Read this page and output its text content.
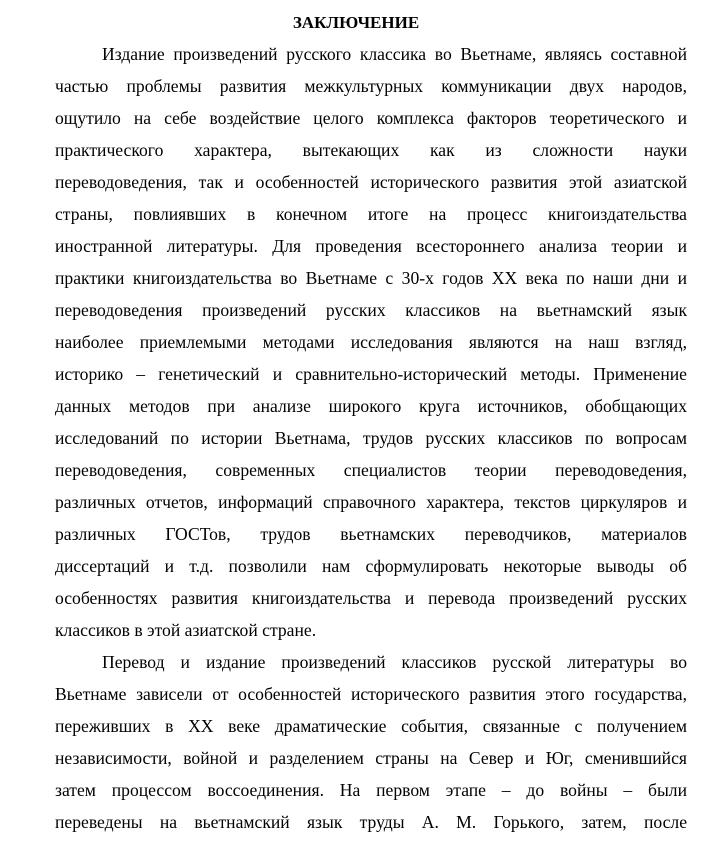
ЗАКЛЮЧЕНИЕ
Издание произведений русского классика во Вьетнаме, являясь составной
частью проблемы развития межкультурных коммуникации двух народов,
ощутило на себе воздействие целого комплекса факторов теоретического и
практического характера, вытекающих как из сложности науки
переводоведения, так и особенностей исторического развития этой азиатской
страны, повлиявших в конечном итоге на процесс книгоиздательства
иностранной литературы. Для проведения всестороннего анализа теории и
практики книгоиздательства во Вьетнаме с 30-х годов XX века по наши дни и
переводоведения произведений русских классиков на вьетнамский язык
наиболее приемлемыми методами исследования являются на наш взгляд,
историко – генетический и сравнительно-исторический методы. Применение
данных методов при анализе широкого круга источников, обобщающих
исследований по истории Вьетнама, трудов русских классиков по вопросам
переводоведения, современных специалистов теории переводоведения,
различных отчетов, информаций справочного характера, текстов циркуляров и
различных ГОСТов, трудов вьетнамских переводчиков, материалов
диссертаций и т.д. позволили нам сформулировать некоторые выводы об
особенностях развития книгоиздательства и перевода произведений русских
классиков в этой азиатской стране.
Перевод и издание произведений классиков русской литературы во
Вьетнаме зависели от особенностей исторического развития этого государства,
переживших в XX веке драматические события, связанные с получением
независимости, войной и разделением страны на Север и Юг, сменившийся
затем процессом воссоединения. На первом этапе – до войны – были
переведены на вьетнамский язык труды А. М. Горького, затем, после
